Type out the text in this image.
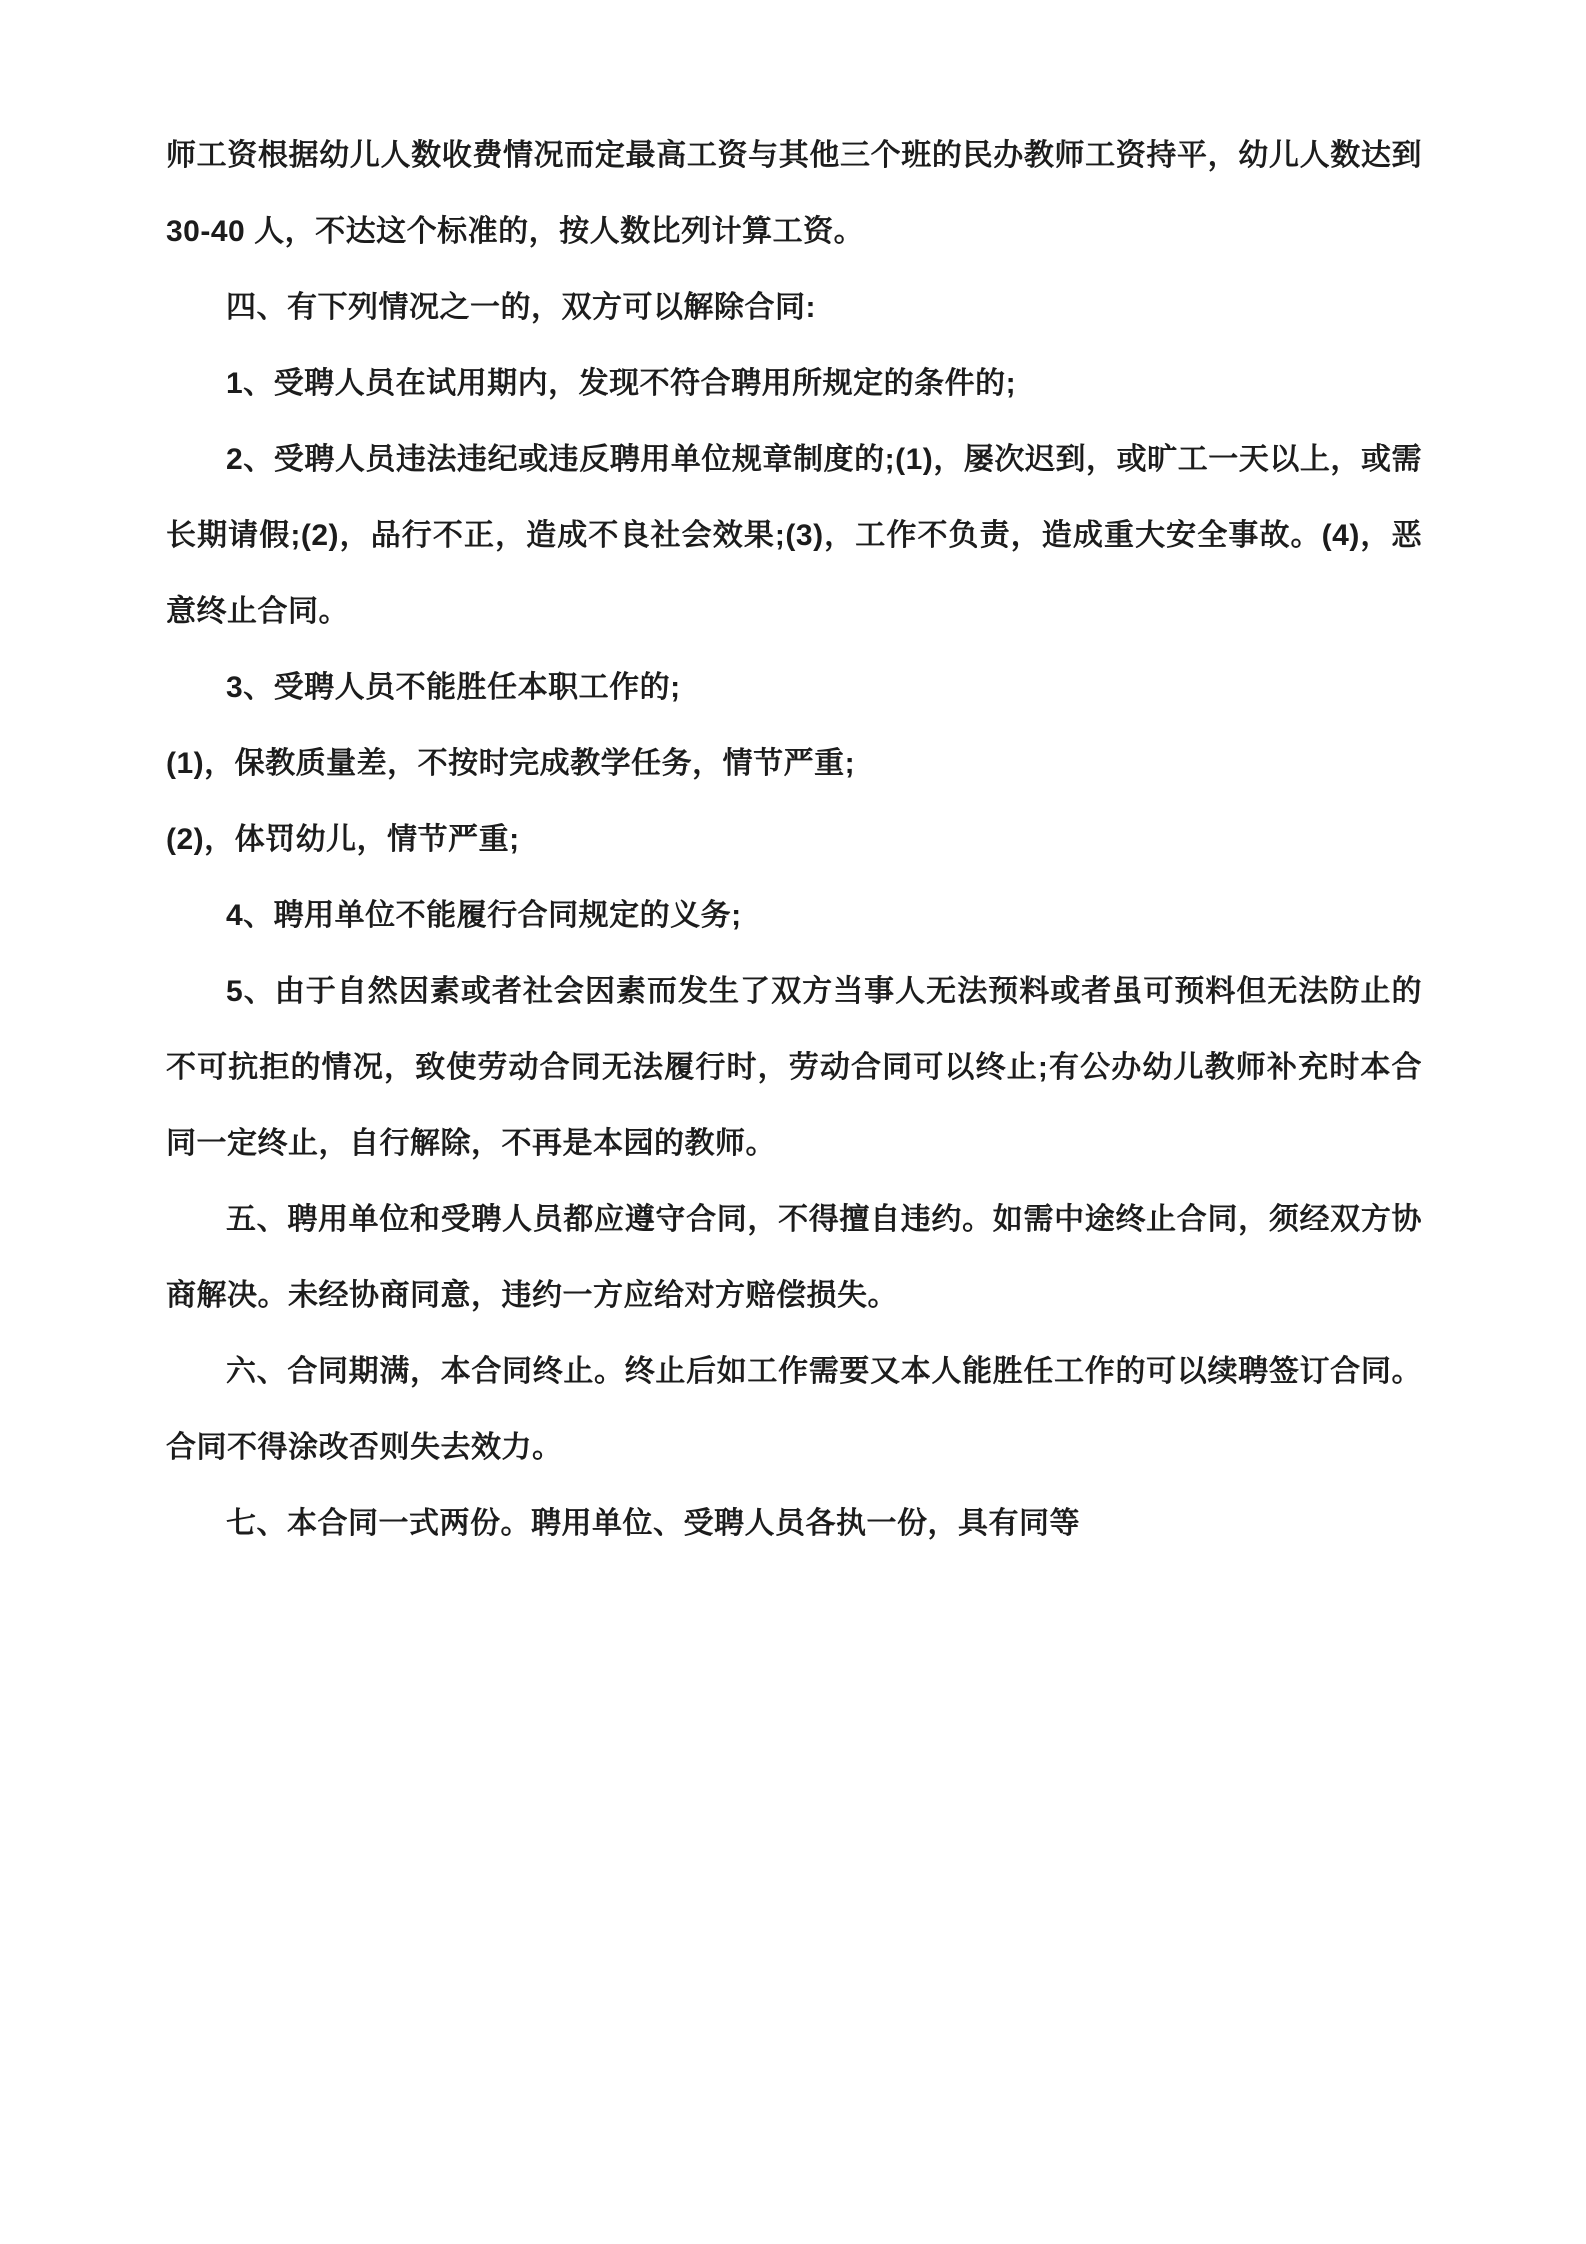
师工资根据幼儿人数收费情况而定最高工资与其他三个班的民办教师工资持平，幼儿人数达到 30-40 人，不达这个标准的，按人数比列计算工资。

四、有下列情况之一的，双方可以解除合同:

1、受聘人员在试用期内，发现不符合聘用所规定的条件的;

2、受聘人员违法违纪或违反聘用单位规章制度的;(1)，屡次迟到，或旷工一天以上，或需长期请假;(2)，品行不正，造成不良社会效果;(3)，工作不负责，造成重大安全事故。(4)，恶意终止合同。

3、受聘人员不能胜任本职工作的;

(1)，保教质量差，不按时完成教学任务，情节严重;

(2)，体罚幼儿，情节严重;

4、聘用单位不能履行合同规定的义务;

5、由于自然因素或者社会因素而发生了双方当事人无法预料或者虽可预料但无法防止的不可抗拒的情况，致使劳动合同无法履行时，劳动合同可以终止;有公办幼儿教师补充时本合同一定终止，自行解除，不再是本园的教师。

五、聘用单位和受聘人员都应遵守合同，不得擅自违约。如需中途终止合同，须经双方协商解决。未经协商同意，违约一方应给对方赔偿损失。

六、合同期满，本合同终止。终止后如工作需要又本人能胜任工作的可以续聘签订合同。合同不得涂改否则失去效力。

七、本合同一式两份。聘用单位、受聘人员各执一份，具有同等
